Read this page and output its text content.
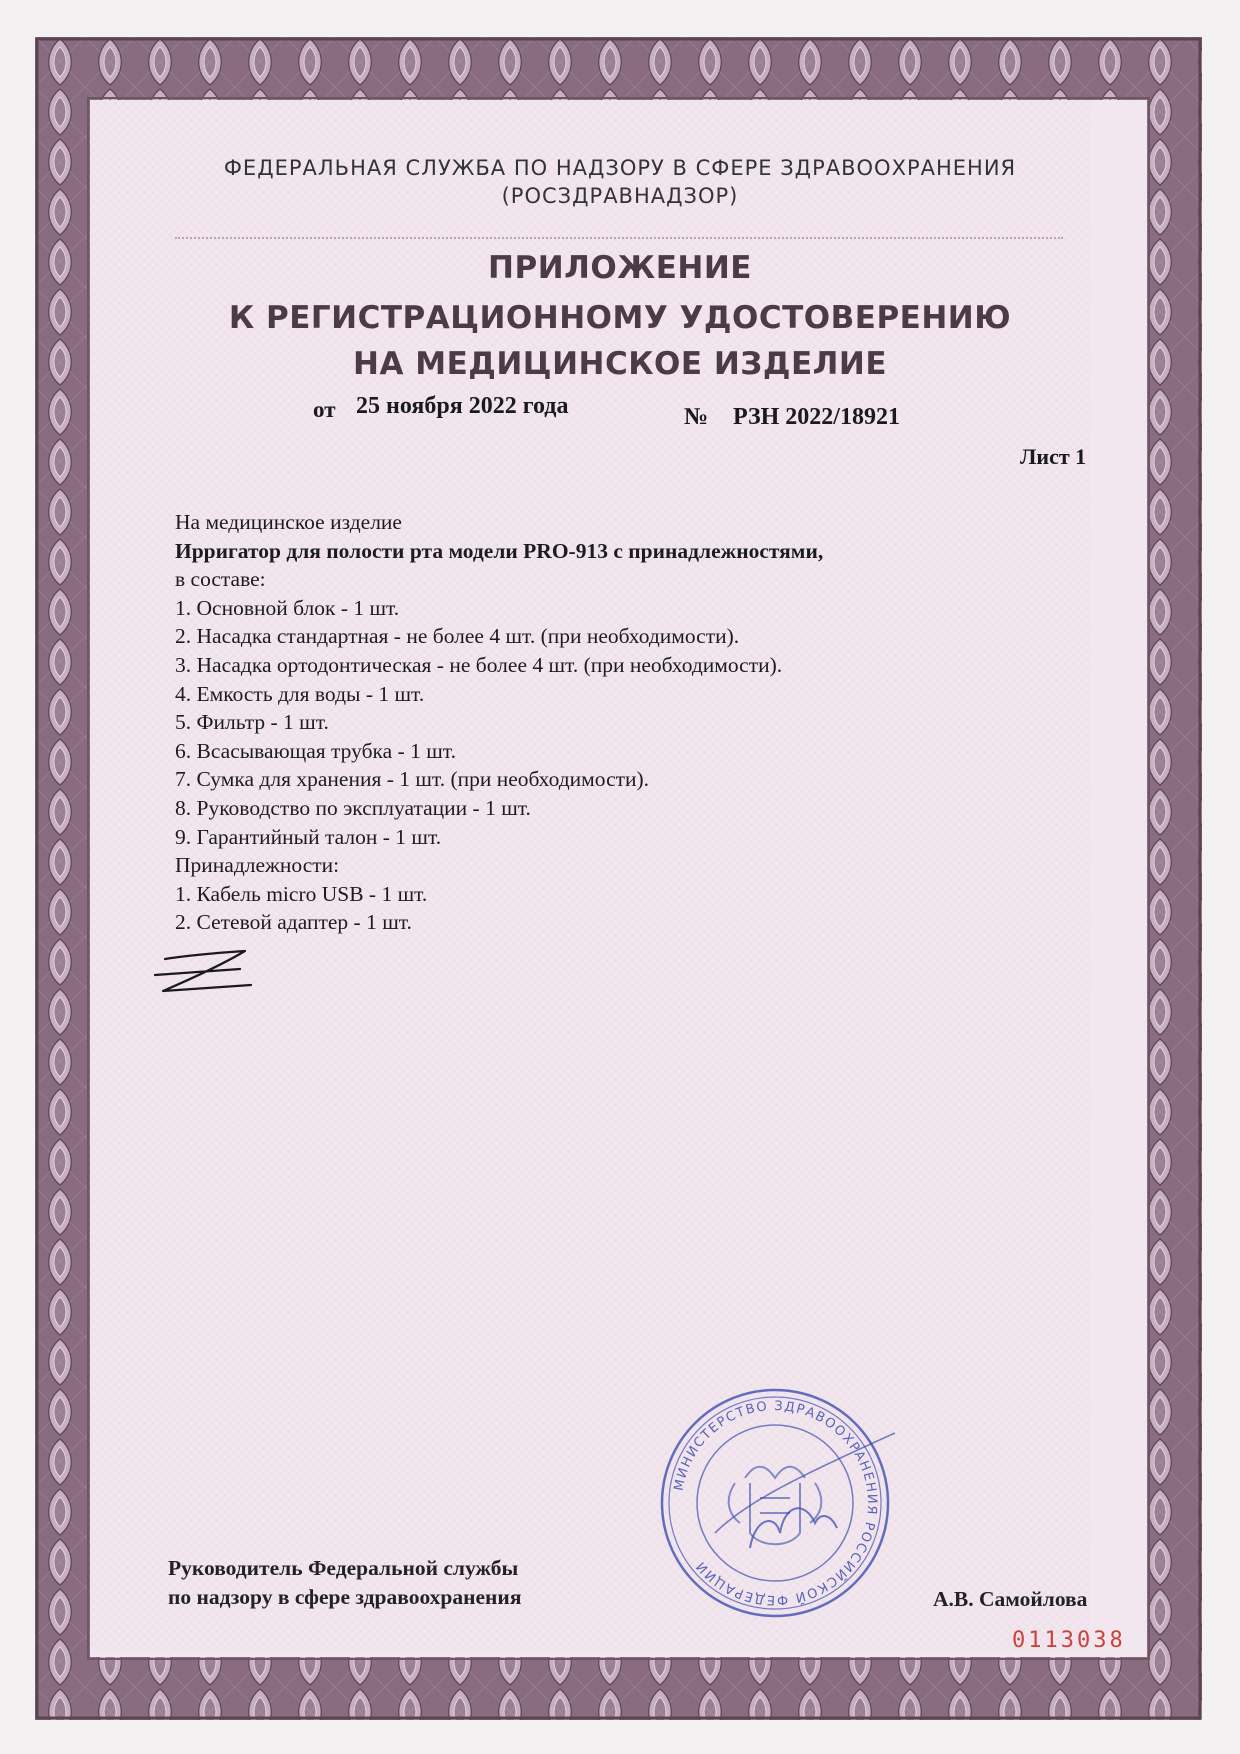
ФЕДЕРАЛЬНАЯ СЛУЖБА ПО НАДЗОРУ В СФЕРЕ ЗДРАВООХРАНЕНИЯ
(РОСЗДРАВНАДЗОР)
ПРИЛОЖЕНИЕ
К РЕГИСТРАЦИОННОМУ УДОСТОВЕРЕНИЮ
НА МЕДИЦИНСКОЕ ИЗДЕЛИЕ
от 25 ноября 2022 года	№ РЗН 2022/18921
Лист 1
На медицинское изделие
Ирригатор для полости рта модели PRO-913 с принадлежностями,
в составе:
1. Основной блок - 1 шт.
2. Насадка стандартная - не более 4 шт. (при необходимости).
3. Насадка ортодонтическая - не более 4 шт. (при необходимости).
4. Емкость для воды - 1 шт.
5. Фильтр - 1 шт.
6. Всасывающая трубка - 1 шт.
7. Сумка для хранения - 1 шт. (при необходимости).
8. Руководство по эксплуатации - 1 шт.
9. Гарантийный талон - 1 шт.
Принадлежности:
1. Кабель micro USB - 1 шт.
2. Сетевой адаптер - 1 шт.
Руководитель Федеральной службы
по надзору в сфере здравоохранения
МИНИСТЕРСТВО ЗДРАВООХРАНЕНИЯ РОССИЙСКОЙ ФЕДЕРАЦИИ
А.В. Самойлова
0113038
